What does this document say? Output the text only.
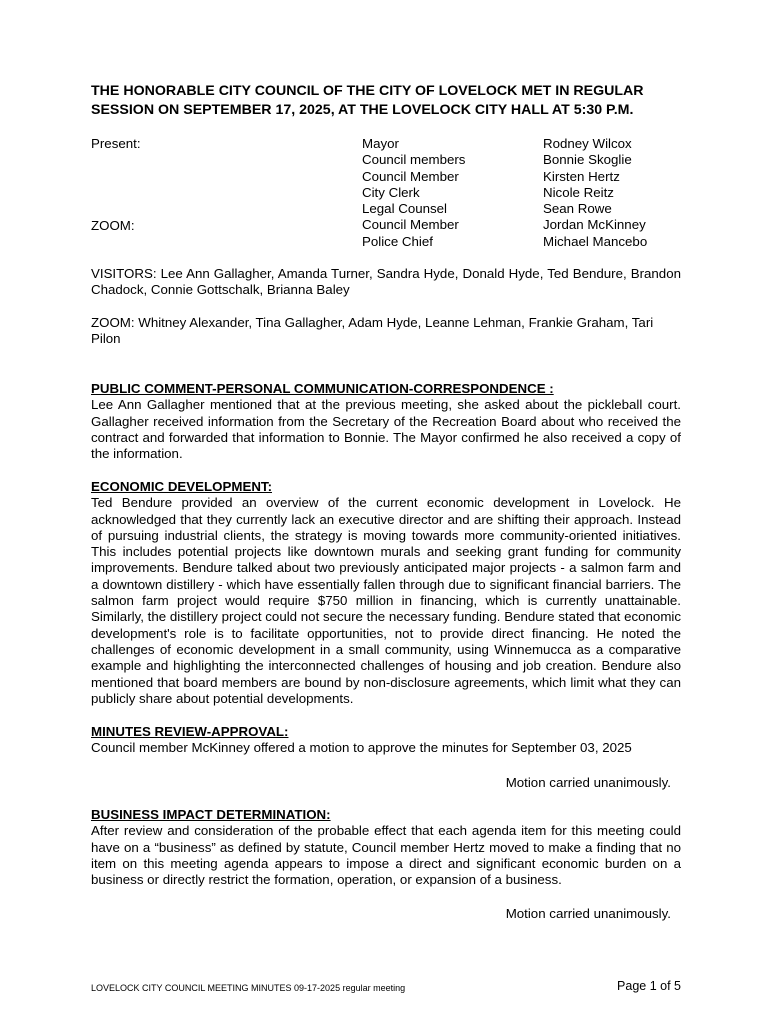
THE HONORABLE CITY COUNCIL OF THE CITY OF LOVELOCK MET IN REGULAR SESSION ON SEPTEMBER 17, 2025, AT THE LOVELOCK CITY HALL AT 5:30 P.M.
Present:
ZOOM:
Mayor
Council members
Council Member
City Clerk
Legal Counsel
Council Member
Police Chief
Rodney Wilcox
Bonnie Skoglie
Kirsten Hertz
Nicole Reitz
Sean Rowe
Jordan McKinney
Michael Mancebo

VISITORS: Lee Ann Gallagher, Amanda Turner, Sandra Hyde, Donald Hyde, Ted Bendure, Brandon Chadock, Connie Gottschalk, Brianna Baley

ZOOM: Whitney Alexander, Tina Gallagher, Adam Hyde, Leanne Lehman, Frankie Graham, Tari Pilon

PUBLIC COMMENT-PERSONAL COMMUNICATION-CORRESPONDENCE :
Lee Ann Gallagher mentioned that at the previous meeting, she asked about the pickleball court. Gallagher received information from the Secretary of the Recreation Board about who received the contract and forwarded that information to Bonnie. The Mayor confirmed he also received a copy of the information.
ECONOMIC DEVELOPMENT:
Ted Bendure provided an overview of the current economic development in Lovelock. He acknowledged that they currently lack an executive director and are shifting their approach. Instead of pursuing industrial clients, the strategy is moving towards more community-oriented initiatives. This includes potential projects like downtown murals and seeking grant funding for community improvements. Bendure talked about two previously anticipated major projects - a salmon farm and a downtown distillery - which have essentially fallen through due to significant financial barriers. The salmon farm project would require $750 million in financing, which is currently unattainable. Similarly, the distillery project could not secure the necessary funding. Bendure stated that economic development's role is to facilitate opportunities, not to provide direct financing. He noted the challenges of economic development in a small community, using Winnemucca as a comparative example and highlighting the interconnected challenges of housing and job creation. Bendure also mentioned that board members are bound by non-disclosure agreements, which limit what they can publicly share about potential developments.
MINUTES REVIEW-APPROVAL:
Council member McKinney offered a motion to approve the minutes for September 03, 2025
Motion carried unanimously.
BUSINESS IMPACT DETERMINATION:
After review and consideration of the probable effect that each agenda item for this meeting could have on a “business” as defined by statute, Council member Hertz moved to make a finding that no item on this meeting agenda appears to impose a direct and significant economic burden on a business or directly restrict the formation, operation, or expansion of a business.
Motion carried unanimously.
LOVELOCK CITY COUNCIL MEETING MINUTES 09-17-2025 regular meeting	Page 1 of 5
